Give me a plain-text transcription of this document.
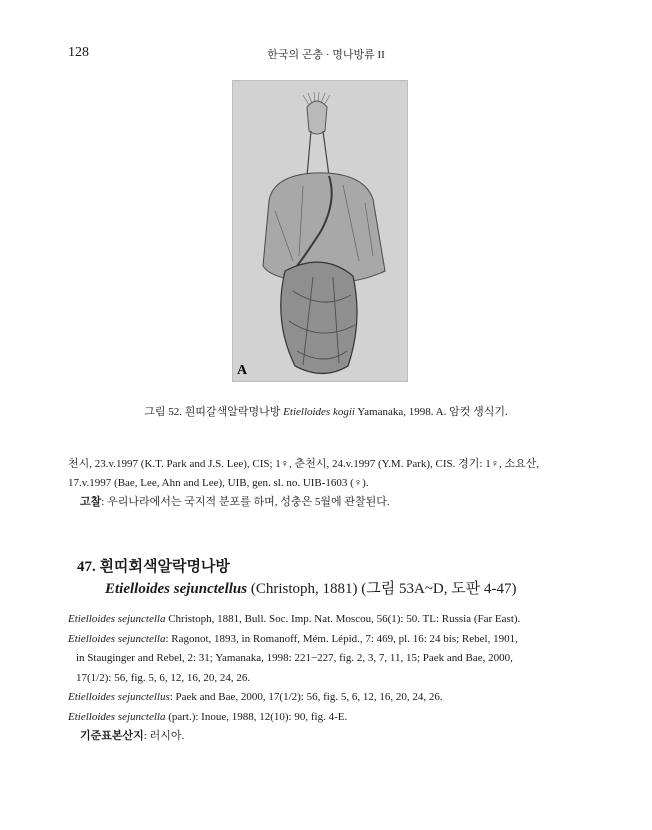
128	한국의 곤충 · 명나방류 II
A
그림 52. 흰띠갈색알락명나방 Etielloides kogii Yamanaka, 1998. A. 암컷 생식기.
천시, 23.v.1997 (K.T. Park and J.S. Lee), CIS; 1♀, 춘천시, 24.v.1997 (Y.M. Park), CIS. 경기: 1♀, 소요산,
17.v.1997 (Bae, Lee, Ahn and Lee), UIB, gen. sl. no. UIB-1603 (♀).
고찰: 우리나라에서는 국지적 분포를 하며, 성충은 5월에 관찰된다.
47. 흰띠회색알락명나방
Etielloides sejunctellus (Christoph, 1881) (그림 53A~D, 도판 4-47)
Etielloides sejunctella Christoph, 1881, Bull. Soc. Imp. Nat. Moscou, 56(1): 50. TL: Russia (Far East).
Etielloides sejunctella: Ragonot, 1893, in Romanoff, Mém. Lépid., 7: 469, pl. 16: 24 bis; Rebel, 1901,
in Stauginger and Rebel, 2: 31; Yamanaka, 1998: 221−227, fig. 2, 3, 7, 11, 15; Paek and Bae, 2000,
17(1/2): 56, fig. 5, 6, 12, 16, 20, 24, 26.
Etielloides sejunctellus: Paek and Bae, 2000, 17(1/2): 56, fig. 5, 6, 12, 16, 20, 24, 26.
Etielloides sejunctella (part.): Inoue, 1988, 12(10): 90, fig. 4-E.
기준표본산지: 러시아.
